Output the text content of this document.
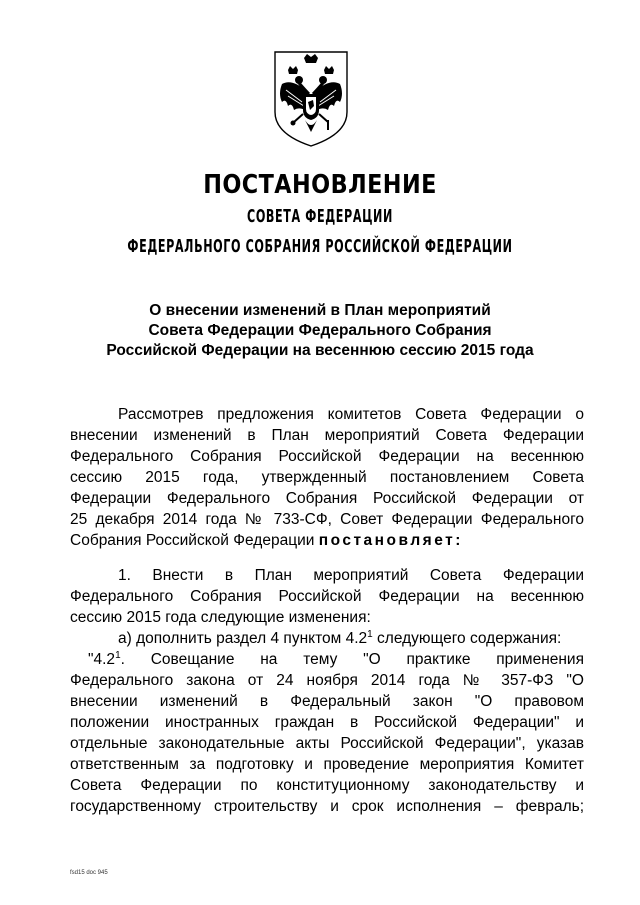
ПОСТАНОВЛЕНИЕ
СОВЕТА ФЕДЕРАЦИИ
ФЕДЕРАЛЬНОГО СОБРАНИЯ РОССИЙСКОЙ ФЕДЕРАЦИИ
О внесении изменений в План мероприятий
Совета Федерации Федерального Собрания
Российской Федерации на весеннюю сессию 2015 года
Рассмотрев предложения комитетов Совета Федерации о
внесении изменений в План мероприятий Совета Федерации
Федерального Собрания Российской Федерации на весеннюю
сессию 2015 года, утвержденный постановлением Совета
Федерации Федерального Собрания Российской Федерации от
25 декабря 2014 года № 733-СФ, Совет Федерации Федерального
Собрания Российской Федерации постановляет:
1. Внести в План мероприятий Совета Федерации
Федерального Собрания Российской Федерации на весеннюю
сессию 2015 года следующие изменения:
а) дополнить раздел 4 пунктом $4.2^1$ следующего содержания:
"$4.2^1$. Совещание на тему "О практике применения
Федерального закона от 24 ноября 2014 года № 357-ФЗ "О
внесении изменений в Федеральный закон "О правовом
положении иностранных граждан в Российской Федерации" и
отдельные законодательные акты Российской Федерации", указав
ответственным за подготовку и проведение мероприятия Комитет
Совета Федерации по конституционному законодательству и
государственному строительству и срок исполнения – февраль;
fsd15 doc 945
